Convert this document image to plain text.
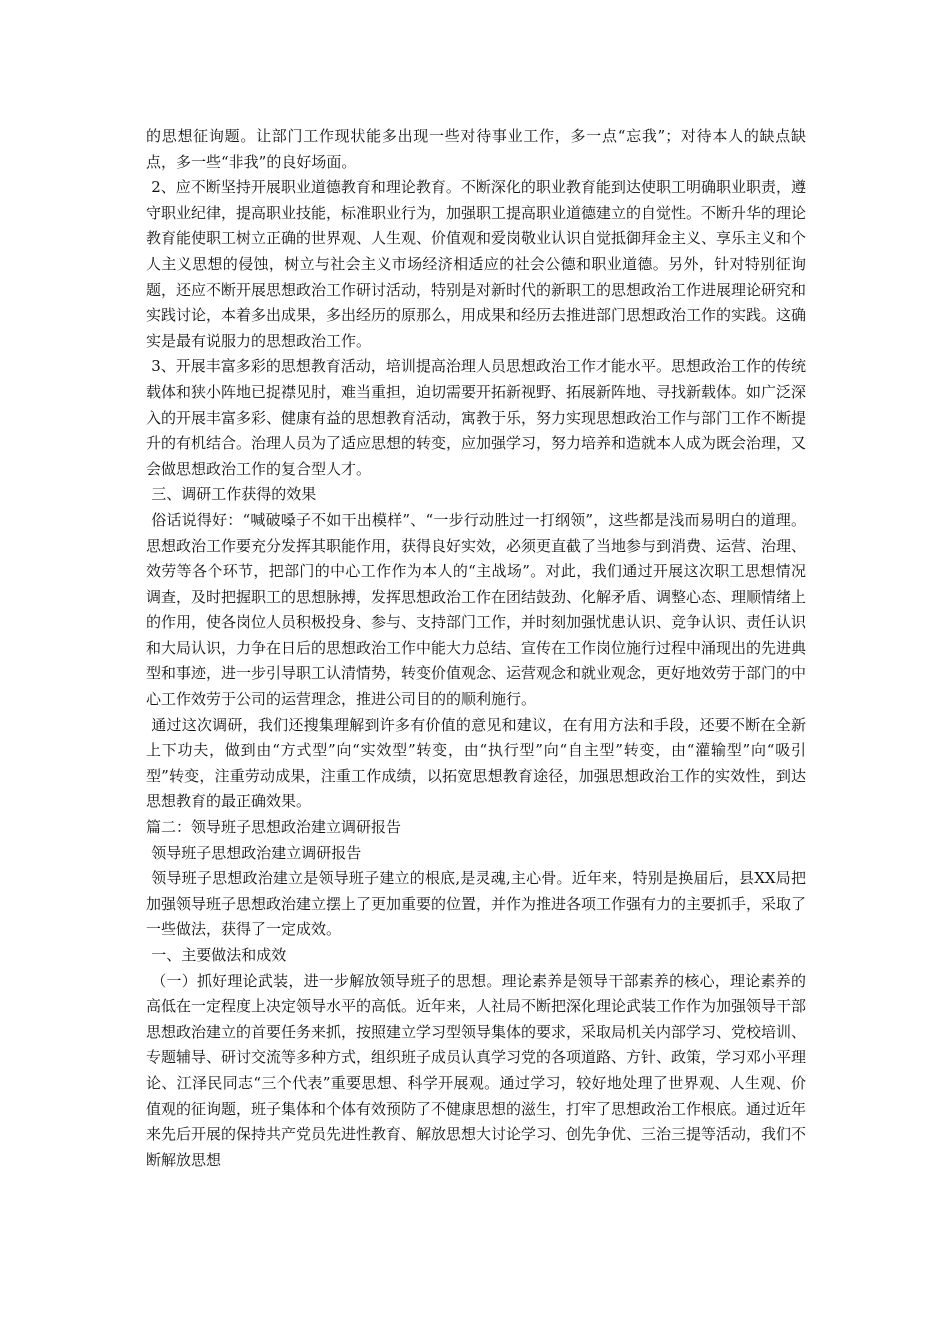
的思想征询题。让部门工作现状能多出现一些对待事业工作，多一点“忘我”；对待本人的缺点缺点，多一些“非我”的良好场面。

2、应不断坚持开展职业道德教育和理论教育。不断深化的职业教育能到达使职工明确职业职责，遵守职业纪律，提高职业技能，标准职业行为，加强职工提高职业道德建立的自觉性。不断升华的理论教育能使职工树立正确的世界观、人生观、价值观和爱岗敬业认识自觉抵御拜金主义、享乐主义和个人主义思想的侵蚀，树立与社会主义市场经济相适应的社会公德和职业道德。另外，针对特别征询题，还应不断开展思想政治工作研讨活动，特别是对新时代的新职工的思想政治工作进展理论研究和实践讨论，本着多出成果，多出经历的原那么，用成果和经历去推进部门思想政治工作的实践。这确实是最有说服力的思想政治工作。

3、开展丰富多彩的思想教育活动，培训提高治理人员思想政治工作才能水平。思想政治工作的传统载体和狭小阵地已捉襟见肘，难当重担，迫切需要开拓新视野、拓展新阵地、寻找新载体。如广泛深

入的开展丰富多彩、健康有益的思想教育活动，寓教于乐，努力实现思想政治工作与部门工作不断提升的有机结合。治理人员为了适应思想的转变，应加强学习，努力培养和造就本人成为既会治理，又会做思想政治工作的复合型人才。

三、调研工作获得的效果

俗话说得好：“喊破嗓子不如干出模样”、“一步行动胜过一打纲领”，这些都是浅而易明白的道理。思想政治工作要充分发挥其职能作用，获得良好实效，必须更直截了当地参与到消费、运营、治理、效劳等各个环节，把部门的中心工作作为本人的“主战场”。对此，我们通过开展这次职工思想情况调查，及时把握职工的思想脉搏，发挥思想政治工作在团结鼓劲、化解矛盾、调整心态、理顺情绪上的作用，使各岗位人员积极投身、参与、支持部门工作，并时刻加强忧患认识、竞争认识、责任认识和大局认识，力争在日后的思想政治工作中能大力总结、宣传在工作岗位施行过程中涌现出的先进典型和事迹，进一步引导职工认清情势，转变价值观念、运营观念和就业观念，更好地效劳于部门的中心工作效劳于公司的运营理念，推进公司目的的顺利施行。

通过这次调研，我们还搜集理解到许多有价值的意见和建议，在有用方法和手段，还要不断在全新上下功夫，做到由“方式型”向“实效型”转变，由“执行型”向“自主型”转变，由“灌输型”向“吸引型”转变，注重劳动成果，注重工作成绩，以拓宽思想教育途径，加强思想政治工作的实效性，到达思想教育的最正确效果。

篇二：领导班子思想政治建立调研报告

领导班子思想政治建立调研报告

领导班子思想政治建立是领导班子建立的根底,是灵魂,主心骨。近年来，特别是换届后，县XX局把加强领导班子思想政治建立摆上了更加重要的位置，并作为推进各项工作强有力的主要抓手，采取了一些做法，获得了一定成效。

一、主要做法和成效

（一）抓好理论武装，进一步解放领导班子的思想。理论素养是领导干部素养的核心，理论素养的高低在一定程度上决定领导水平的高低。近年来，人社局不断把深化理论武装工作作为加强领导干部思想政治建立的首要任务来抓，按照建立学习型领导集体的要求，采取局机关内部学习、党校培训、专题辅导、研讨交流等多种方式，组织班子成员认真学习党的各项道路、方针、政策，学习邓小平理论、江泽民同志“三个代表”重要思想、科学开展观。通过学习，较好地处理了世界观、人生观、价值观的征询题，班子集体和个体有效预防了不健康思想的滋生，打牢了思想政治工作根底。通过近年来先后开展的保持共产党员先进性教育、解放思想大讨论学习、创先争优、三治三提等活动，我们不断解放思想
